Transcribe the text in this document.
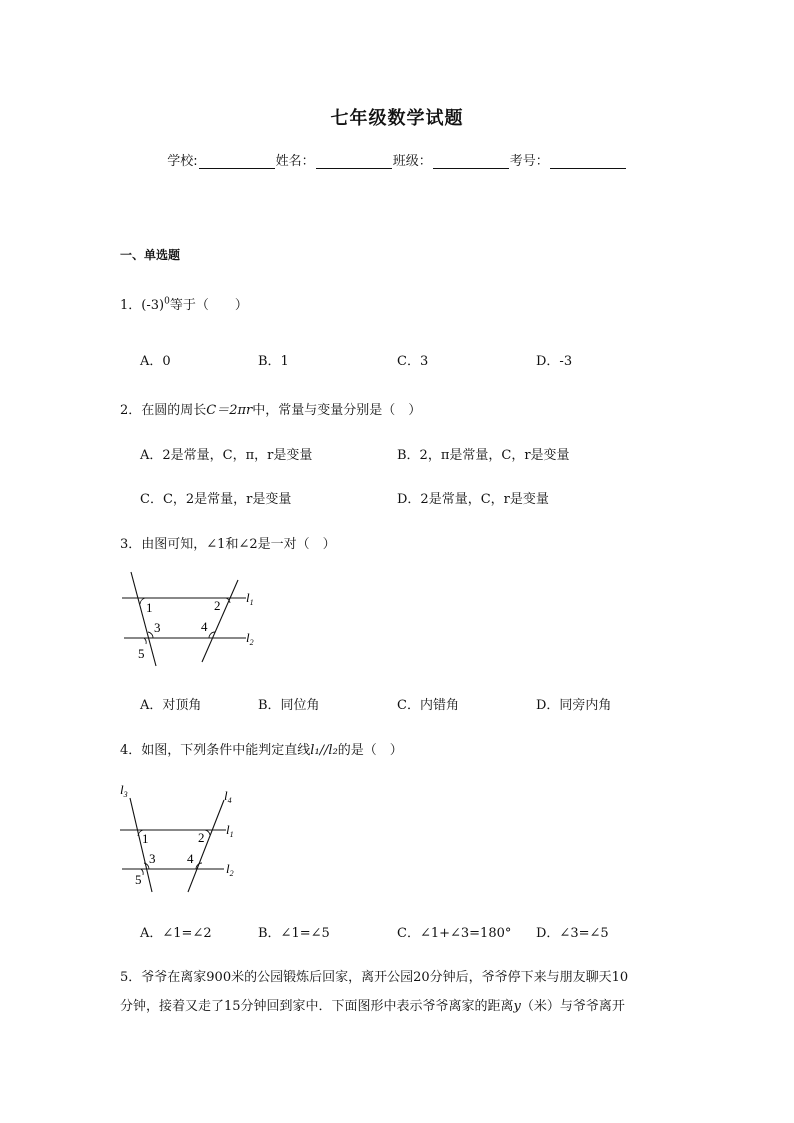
七年级数学试题
学校:	姓名：	班级：	考号：
一、单选题
1．$(-3)^0$等于（　　）
A．0	B．1	C．3	D．-3
2．在圆的周长C＝2πr中，常量与变量分别是（　）
A．2是常量，C，π，r是变量	B．2，π是常量，C，r是变量
C．C，2是常量，r是变量	D．2是常量，C，r是变量
3．由图可知，∠1和∠2是一对（　）
1	2
3	4
5
$l_1$
$l_2$
A．对顶角	B．同位角	C．内错角	D．同旁内角
4．如图，下列条件中能判定直线l₁//l₂的是（　）
$l_3$	$l_4$
1	2
3 4
5
$l_1$
$l_2$
A．∠1=∠2	B．∠1=∠5	C．∠1+∠3=180° D．∠3=∠5
5．爷爷在离家900米的公园锻炼后回家，离开公园20分钟后，爷爷停下来与朋友聊天10
分钟，接着又走了15分钟回到家中．下面图形中表示爷爷离家的距离y（米）与爷爷离开
